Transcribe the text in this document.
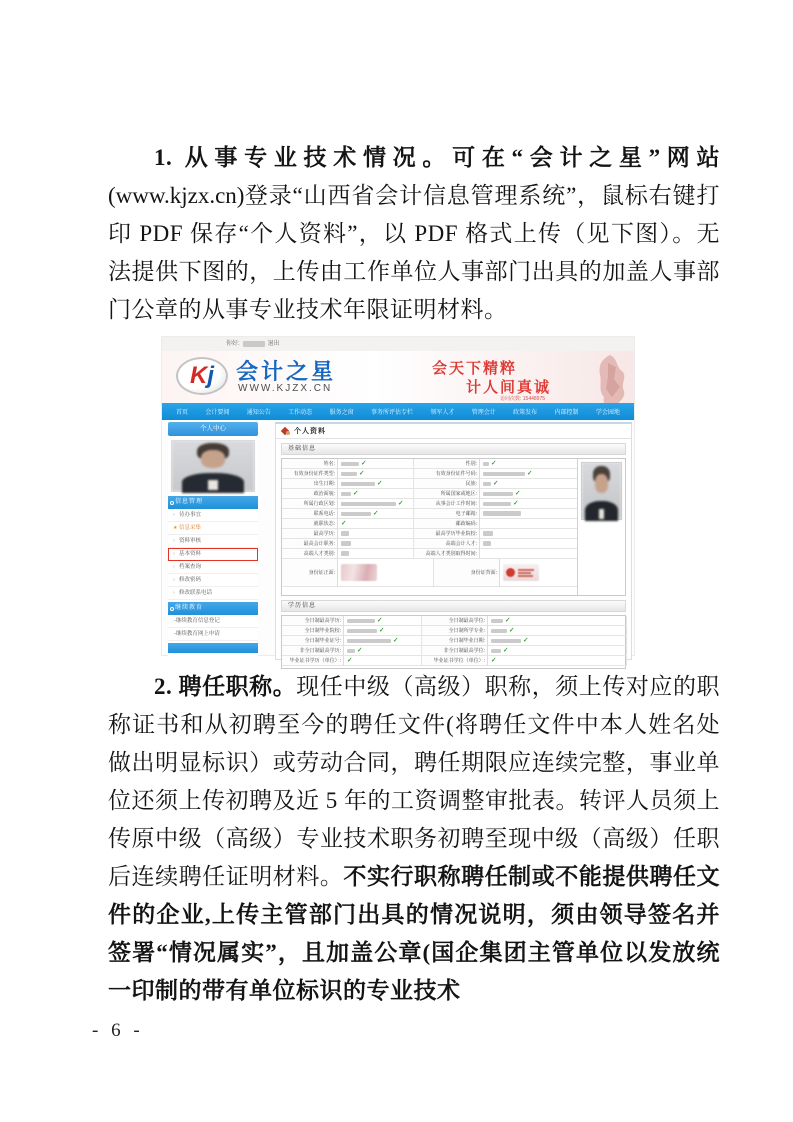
1. 从事专业技术情况。可在“会计之星”网站(www.kjzx.cn)登录“山西省会计信息管理系统”，鼠标右键打印 PDF 保存“个人资料”，以 PDF 格式上传（见下图）。无法提供下图的，上传由工作单位人事部门出具的加盖人事部门公章的从事专业技术年限证明材料。

你好:	退出
Kj	会计之星
WWW.KJZX.CN
会天下精粹
计人间真诚
访问次数: 15448975
首页	会计要闻	通知公告	工作动态	服务之窗	事务所评估专栏	领军人才	管理会计	政策发布	内部控制	学会园地
个人中心
信息管理
› 待办事宜
★ 信息采集
› 资料审核
› 基本资料
› 档案查询
› 修改密码
› 修改联系电话
继续教育
-继续教育信息登记
-继续教育网上申请
个人资料
基础信息
姓名:	✓	性别:	✓
有效身份证件类型:	✓	有效身份证件号码:	✓
出生日期:	✓	民族:	✓
政治面貌:	✓	所属国家或地区:	✓
所属行政区划:	✓	从事会计工作时间:	✓
联系电话:	✓	电子邮箱:
就职状态: ✓	邮政编码:
最高学历:	最高学历毕业院校:
最高会计职务:	高端会计人才:
高端人才类别:	高端人才类别取得时间:
身份证正面:	身份证背面:
学历信息
全日制最高学历:	✓	全日制最高学位:	✓
全日制毕业院校:	✓	全日制所学专业:	✓
全日制毕业证号:	✓	全日制毕业日期:	✓
非全日制最高学历:	✓	非全日制最高学位:	✓
毕业证书学历（单位）: ✓	毕业证书学位（单位）: ✓

2. 聘任职称。现任中级（高级）职称，须上传对应的职称证书和从初聘至今的聘任文件(将聘任文件中本人姓名处做出明显标识）或劳动合同，聘任期限应连续完整，事业单位还须上传初聘及近 5 年的工资调整审批表。转评人员须上传原中级（高级）专业技术职务初聘至现中级（高级）任职后连续聘任证明材料。不实行职称聘任制或不能提供聘任文件的企业,上传主管部门出具的情况说明，须由领导签名并签署“情况属实”，且加盖公章(国企集团主管单位以发放统一印制的带有单位标识的专业技术

- 6 -
